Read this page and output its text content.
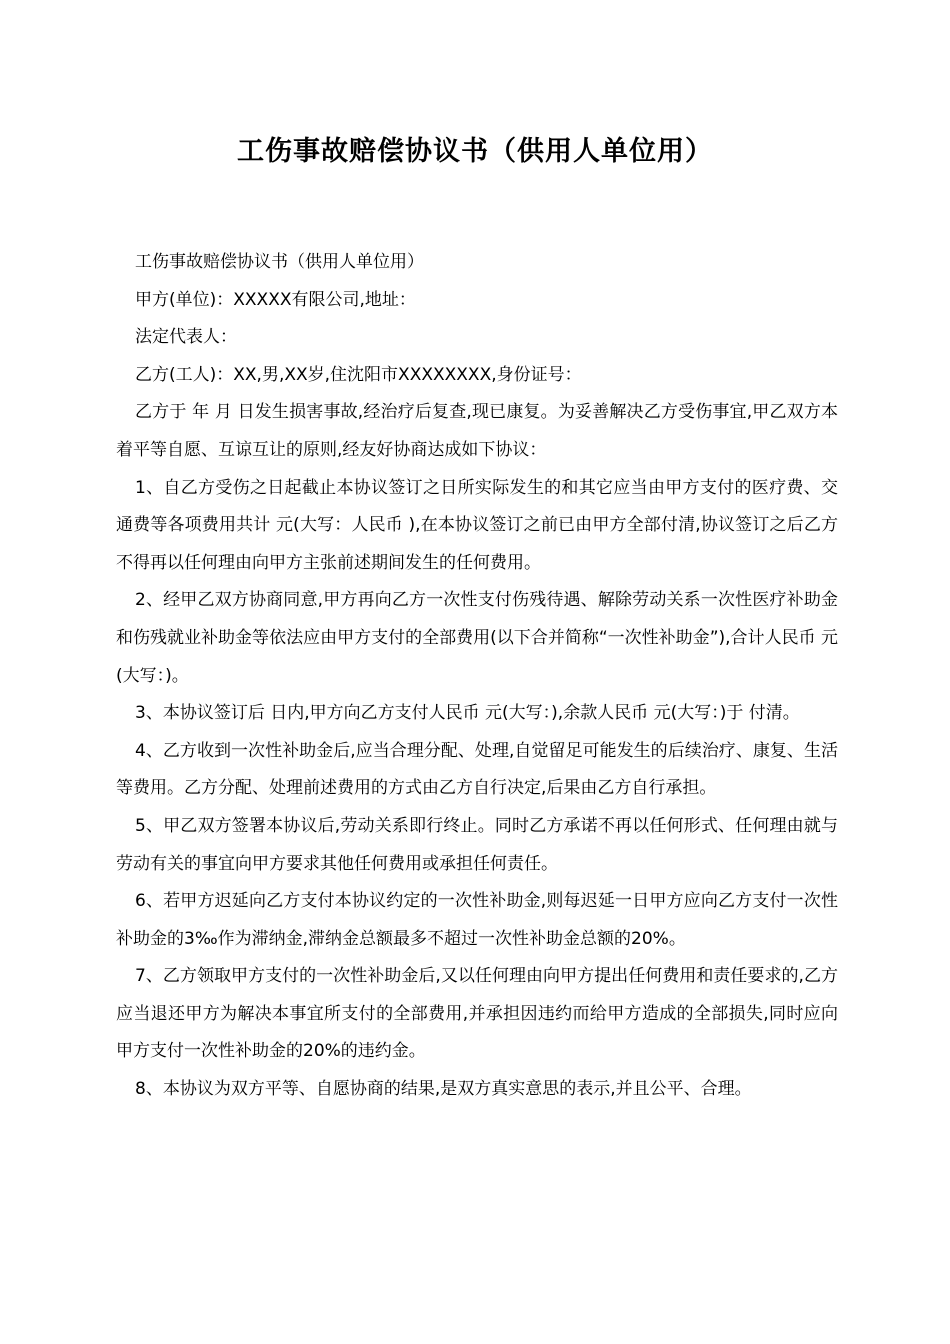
工伤事故赔偿协议书（供用人单位用）

工伤事故赔偿协议书（供用人单位用）

甲方(单位)：XXXXX有限公司,地址：

法定代表人：

乙方(工人)：XX,男,XX岁,住沈阳市XXXXXXXX,身份证号：

乙方于 年 月 日发生损害事故,经治疗后复查,现已康复。为妥善解决乙方受伤事宜,甲乙双方本着平等自愿、互谅互让的原则,经友好协商达成如下协议：

1、自乙方受伤之日起截止本协议签订之日所实际发生的和其它应当由甲方支付的医疗费、交通费等各项费用共计 元(大写：人民币 ),在本协议签订之前已由甲方全部付清,协议签订之后乙方不得再以任何理由向甲方主张前述期间发生的任何费用。

2、经甲乙双方协商同意,甲方再向乙方一次性支付伤残待遇、解除劳动关系一次性医疗补助金和伤残就业补助金等依法应由甲方支付的全部费用(以下合并简称“一次性补助金”),合计人民币 元(大写：)。

3、本协议签订后 日内,甲方向乙方支付人民币 元(大写：),余款人民币 元(大写：)于 付清。

4、乙方收到一次性补助金后,应当合理分配、处理,自觉留足可能发生的后续治疗、康复、生活等费用。乙方分配、处理前述费用的方式由乙方自行决定,后果由乙方自行承担。

5、甲乙双方签署本协议后,劳动关系即行终止。同时乙方承诺不再以任何形式、任何理由就与劳动有关的事宜向甲方要求其他任何费用或承担任何责任。

6、若甲方迟延向乙方支付本协议约定的一次性补助金,则每迟延一日甲方应向乙方支付一次性补助金的3‰作为滞纳金,滞纳金总额最多不超过一次性补助金总额的20%。

7、乙方领取甲方支付的一次性补助金后,又以任何理由向甲方提出任何费用和责任要求的,乙方应当退还甲方为解决本事宜所支付的全部费用,并承担因违约而给甲方造成的全部损失,同时应向甲方支付一次性补助金的20%的违约金。

8、本协议为双方平等、自愿协商的结果,是双方真实意思的表示,并且公平、合理。
